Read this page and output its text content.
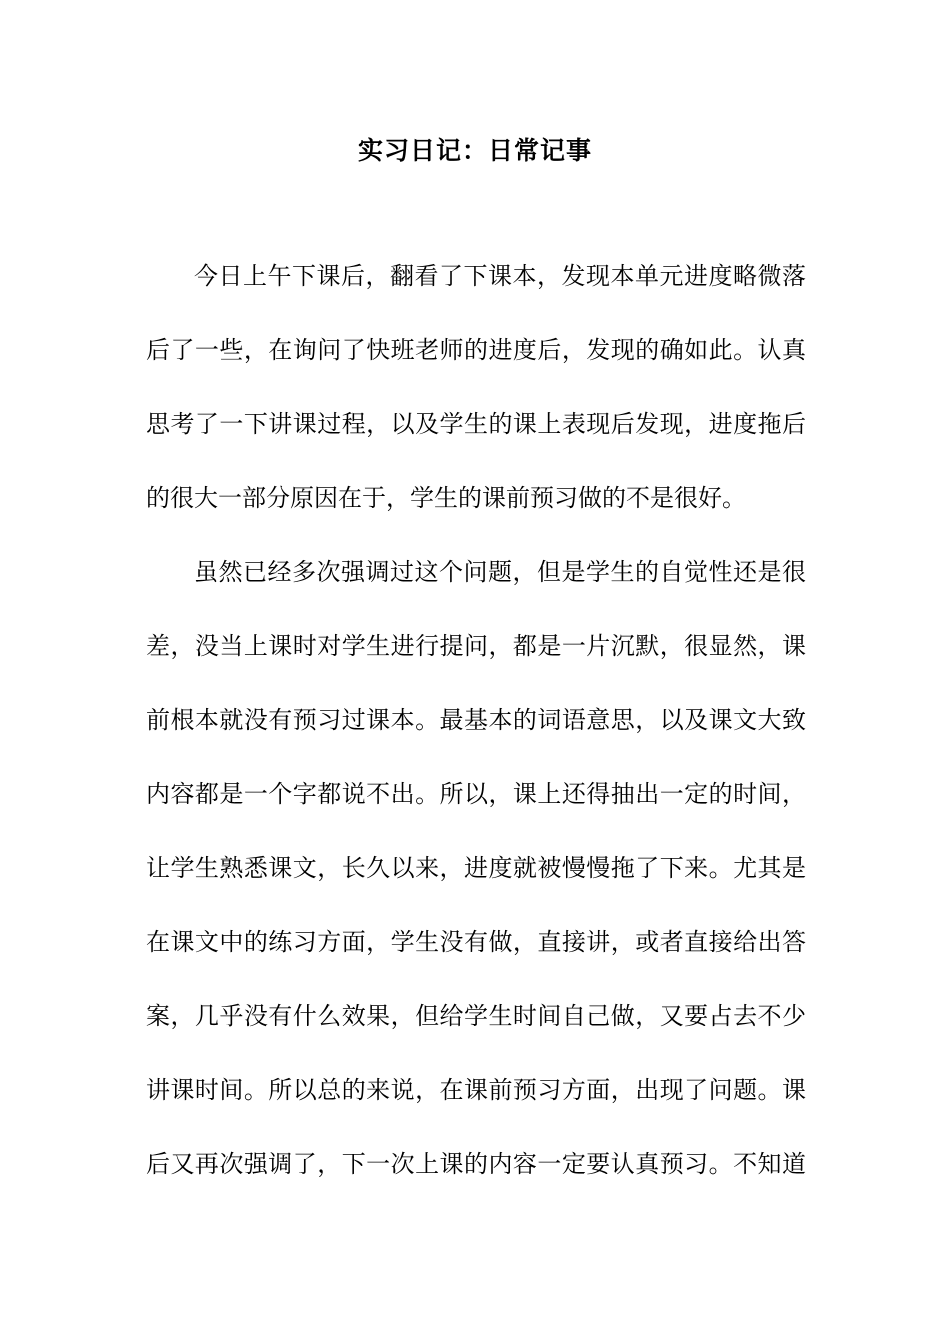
实习日记：日常记事
今日上午下课后，翻看了下课本，发现本单元进度略微落
后了一些，在询问了快班老师的进度后，发现的确如此。认真
思考了一下讲课过程，以及学生的课上表现后发现，进度拖后
的很大一部分原因在于，学生的课前预习做的不是很好。
虽然已经多次强调过这个问题，但是学生的自觉性还是很
差，没当上课时对学生进行提问，都是一片沉默，很显然，课
前根本就没有预习过课本。最基本的词语意思，以及课文大致
内容都是一个字都说不出。所以，课上还得抽出一定的时间，
让学生熟悉课文，长久以来，进度就被慢慢拖了下来。尤其是
在课文中的练习方面，学生没有做，直接讲，或者直接给出答
案，几乎没有什么效果，但给学生时间自己做，又要占去不少
讲课时间。所以总的来说，在课前预习方面，出现了问题。课
后又再次强调了，下一次上课的内容一定要认真预习。不知道
